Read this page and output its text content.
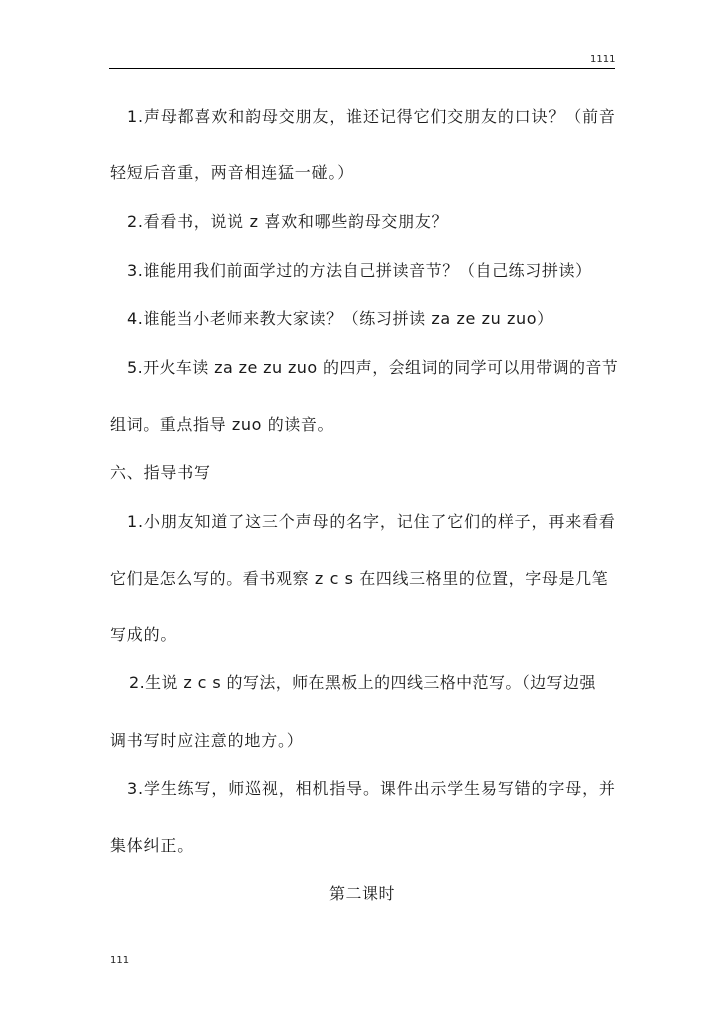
1111
1.声母都喜欢和韵母交朋友，谁还记得它们交朋友的口诀？（前音
轻短后音重，两音相连猛一碰。）
2.看看书，说说 z 喜欢和哪些韵母交朋友？
3.谁能用我们前面学过的方法自己拼读音节？（自己练习拼读）
4.谁能当小老师来教大家读？（练习拼读 za ze zu zuo）
5.开火车读 za ze zu zuo 的四声，会组词的同学可以用带调的音节
组词。重点指导 zuo 的读音。
六、指导书写
1.小朋友知道了这三个声母的名字，记住了它们的样子，再来看看
它们是怎么写的。看书观察 z c s 在四线三格里的位置，字母是几笔
写成的。
2.生说 z c s 的写法，师在黑板上的四线三格中范写。（边写边强
调书写时应注意的地方。）
3.学生练写，师巡视，相机指导。课件出示学生易写错的字母，并
集体纠正。
第二课时
111
